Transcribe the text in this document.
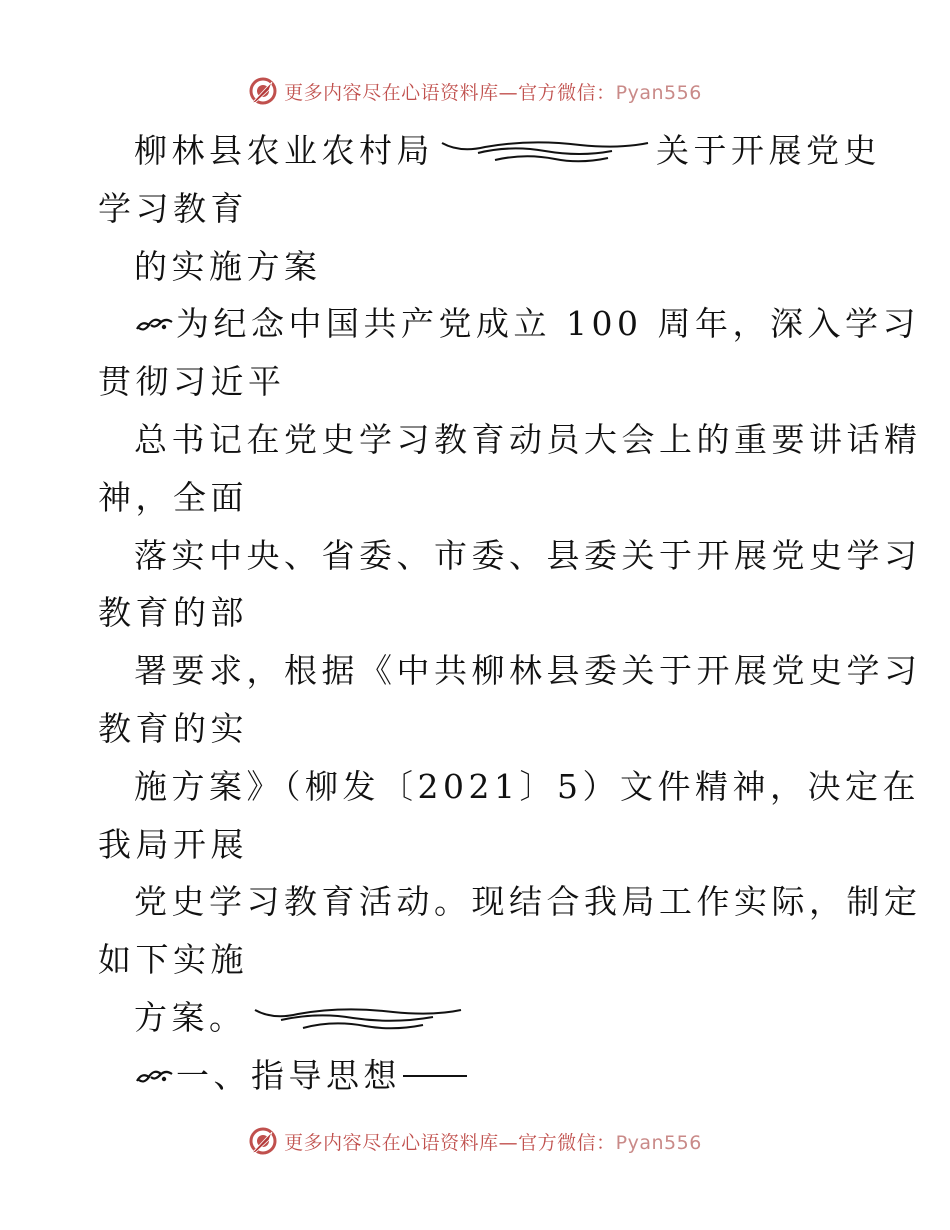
更多内容尽在心语资料库—官方微信：Pyan556
柳林县农业农村局	关于开展党史
学习教育
的实施方案
为纪念中国共产党成立 100 周年，深入学习
贯彻习近平
总书记在党史学习教育动员大会上的重要讲话精
神，全面
落实中央、省委、市委、县委关于开展党史学习
教育的部
署要求，根据《中共柳林县委关于开展党史学习
教育的实
施方案》（柳发〔2021〕5）文件精神，决定在
我局开展
党史学习教育活动。现结合我局工作实际，制定
如下实施
方案。
一、指导思想
更多内容尽在心语资料库—官方微信：Pyan556
